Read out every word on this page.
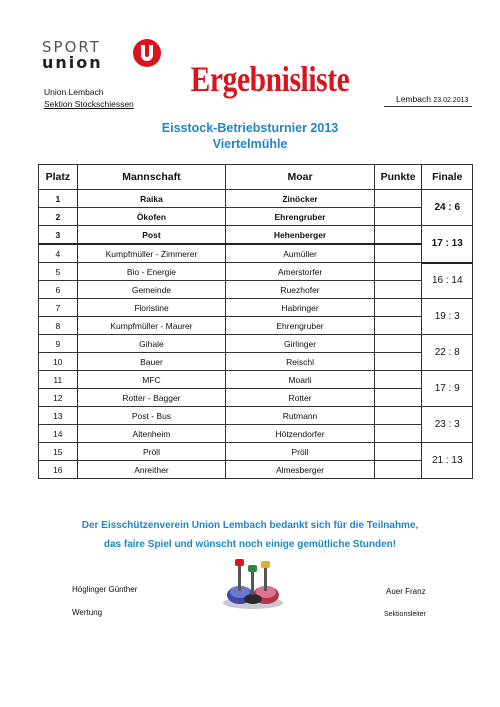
SPORT
union
Union Lembach
Sektion Stockschiessen
Ergebnisliste	Lembach 23.02.2013
Eisstock-Betriebsturnier 2013
Viertelmühle
Platz	Mannschaft	Moar	Punkte	Finale
1	Raika	Zinöcker		24 : 6
2	Ökofen	Ehrengruber		
3	Post	Hehenberger		17 : 13
4	Kumpfmüller - Zimmerer	Aumüller		
5	Bio - Energie	Amerstorfer		16 : 14
6	Gemeinde	Ruezhofer		
7	Floristine	Habringer		19 : 3
8	Kumpfmüller - Maurer	Ehrengruber		
9	Gihale	Girlinger		22 : 8
10	Bauer	Reischl		
11	MFC	Moarli		17 : 9
12	Rotter - Bagger	Rotter		
13	Post - Bus	Rutmann		23 : 3
14	Altenheim	Hötzendorfer		
15	Pröll	Pröll		21 : 13
16	Anreither	Almesberger		
Der Eisschützenverein Union Lembach bedankt sich für die Teilnahme,
das faire Spiel und wünscht noch einige gemütliche Stunden!
Höglinger Günther
Wertung
Auer Franz
Sektionsleiter
